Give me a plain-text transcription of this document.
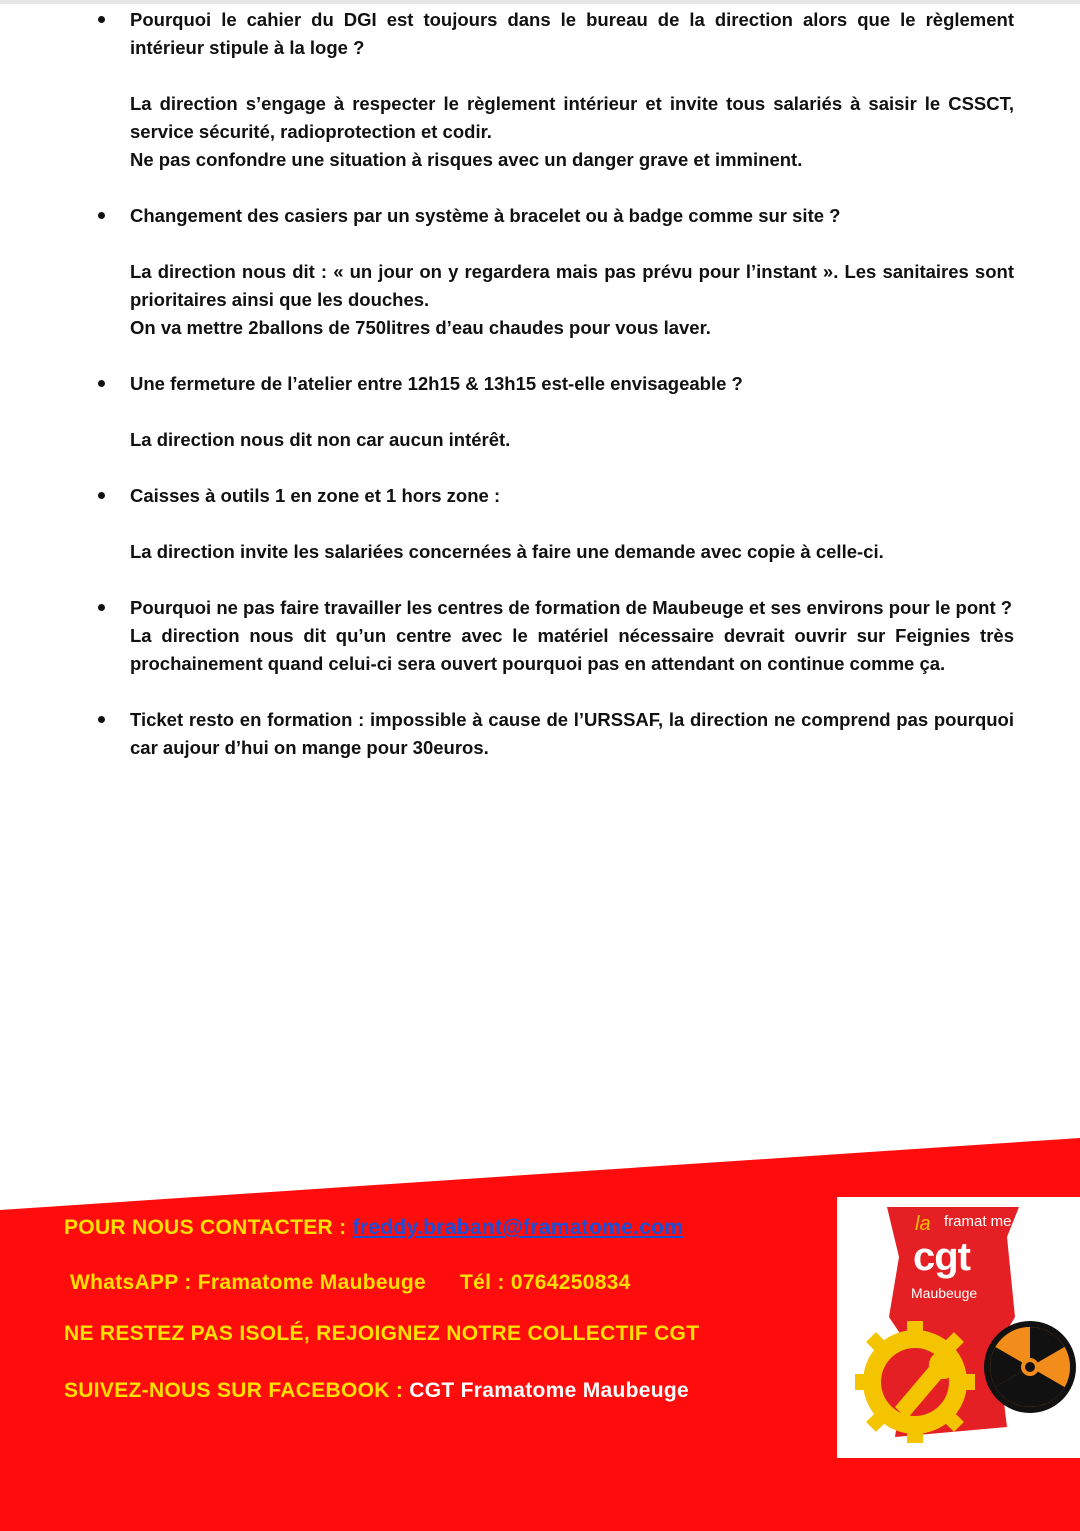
Pourquoi le cahier du DGI est toujours dans le bureau de la direction alors que le règlement intérieur stipule à la loge ?

La direction s’engage à respecter le règlement intérieur et invite tous salariés à saisir le CSSCT, service sécurité, radioprotection et codir.
Ne pas confondre une situation à risques avec un danger grave et imminent.

Changement des casiers par un système à bracelet ou à badge comme sur site ?

La direction nous dit : « un jour on y regardera mais pas prévu pour l’instant ». Les sanitaires sont prioritaires ainsi que les douches.
On va mettre 2ballons de 750litres d’eau chaudes pour vous laver.

Une fermeture de l’atelier entre 12h15 & 13h15 est-elle envisageable ?

La direction nous dit non car aucun intérêt.

Caisses à outils 1 en zone et 1 hors zone :

La direction invite les salariées concernées à faire une demande avec copie à celle-ci.

Pourquoi ne pas faire travailler les centres de formation de Maubeuge et ses environs pour le pont ?

La direction nous dit qu’un centre avec le matériel nécessaire devrait ouvrir sur Feignies très prochainement quand celui-ci sera ouvert pourquoi pas en attendant on continue comme ça.

Ticket resto en formation : impossible à cause de l’URSSAF, la direction ne comprend pas pourquoi car aujour d’hui on mange pour 30euros.

POUR NOUS CONTACTER : freddy.brabant@framatome.com
WhatsAPP : Framatome Maubeuge Tél : 0764250834
NE RESTEZ PAS ISOLÉ, REJOIGNEZ NOTRE COLLECTIF CGT
SUIVEZ-NOUS SUR FACEBOOK : CGT Framatome Maubeuge
la framat me
cgt
Maubeuge
